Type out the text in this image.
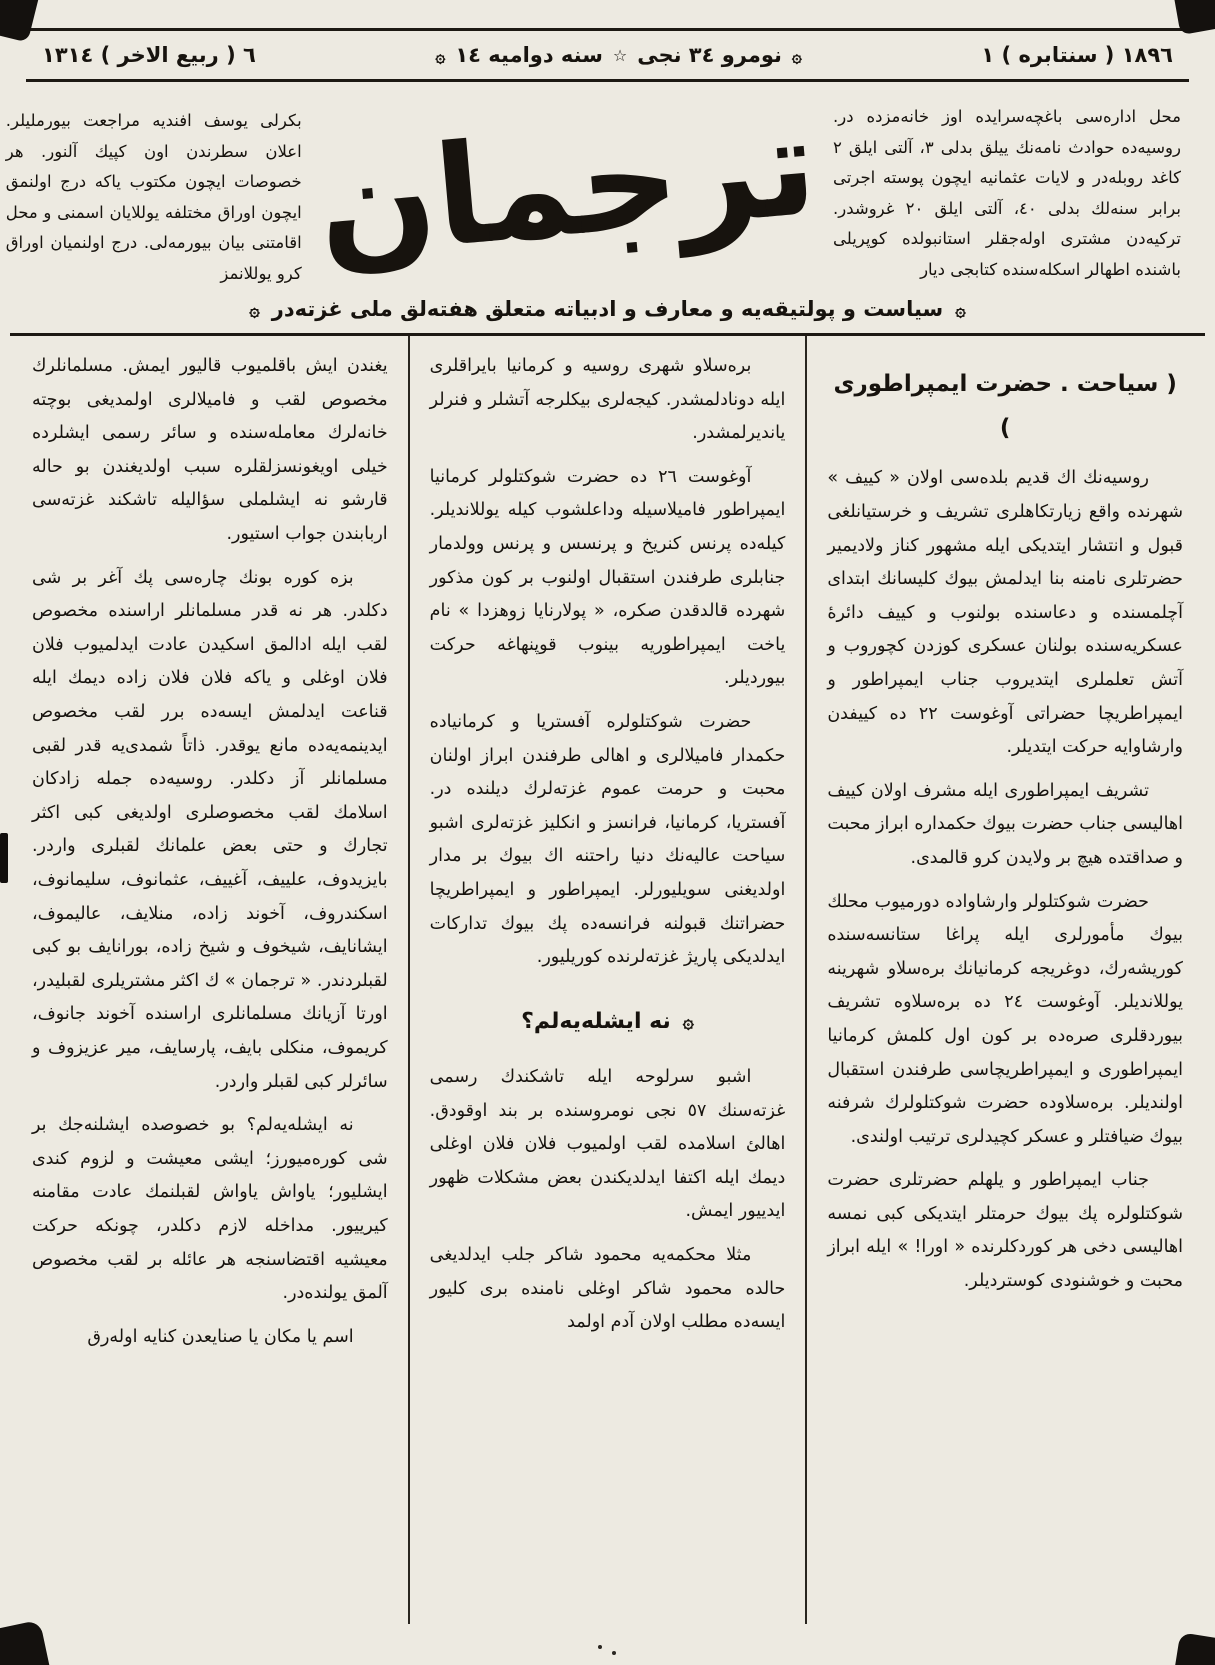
١٨٩٦ ( سنتابره ) ١
۞
نومرو ٣٤ نجى
☆
سنه دوامیه ١٤
۞
٦ ( ربیع الاخر ) ١٣١٤
محل اداره‌سی باغچه‌سرایده اوز خانه‌مزده در. روسیه‌ده حوادث نامه‌نك ییلق بدلی ٣، آلتی ایلق ٢ کاغد روبله‌در و لایات عثمانیه ایچون پوسته اجرتی برابر سنه‌لك بدلی ٤٠، آلتی ایلق ٢٠ غروشدر. ترکیه‌دن مشتری اوله‌جقلر استانبولده کوپریلی باشنده اطهالر اسکله‌سنده کتابجی دیار
ترجمان
بکرلی یوسف افندیه مراجعت بیورملیلر. اعلان سطرندن اون کپیك آلنور. هر خصوصات ایچون مکتوب یاکه درج اولنمق ایچون اوراق مختلفه یوللایان اسمنی و محل اقامتنی بیان بیورمه‌لی. درج اولنمیان اوراق کرو یوللانمز
۞سیاست و پولتیقه‌یه و معارف و ادبیاته متعلق هفته‌لق ملی غزته‌در۞
( سیاحت . حضرت ایمپراطوری )

روسیه‌نك اك قدیم بلده‌سی اولان « کییف » شهرنده واقع زیارتکاهلری تشریف و خرستیانلغی قبول و انتشار ایتدیکی ایله مشهور کناز ولادیمیر حضرتلری نامنه بنا ایدلمش بیوك کلیسانك ابتدای آچلمسنده و دعاسنده بولنوب و کییف دائرهٔ عسکریه‌سنده بولنان عسکری کوزدن کچوروب و آتش تعلملری ایتدیروب جناب ایمپراطور و ایمپراطریچا حضراتی آوغوست ٢٢ ده کییفدن وارشاوایه حرکت ایتدیلر.

تشریف ایمپراطوری ایله مشرف اولان کییف اهالیسی جناب حضرت بیوك حکمداره ابراز محبت و صداقتده هیچ بر ولایدن کرو قالمدی.

حضرت شوکتلولر وارشاواده دورمیوب محلك بیوك مأمورلری ایله پراغا ستانسه‌سنده کوریشه‌رك، دوغریجه کرمانیانك بره‌سلاو شهرینه یوللاندیلر. آوغوست ٢٤ ده بره‌سلاوه تشریف بیوردقلری صره‌ده بر کون اول کلمش کرمانیا ایمپراطوری و ایمپراطریچاسی طرفندن استقبال اولندیلر. بره‌سلاوده حضرت شوکتلولرك شرفنه بیوك ضیافتلر و عسکر کچیدلری ترتیب اولندی.

جناب ایمپراطور و یلهلم حضرتلری حضرت شوکتلولره پك بیوك حرمتلر ایتدیکی کبی نمسه اهالیسی دخی هر کوردکلرنده « اورا! » ایله ابراز محبت و خوشنودی کوستردیلر.

بره‌سلاو شهری روسیه و کرمانیا بایراقلری ایله دونادلمشدر. کیجه‌لری بیکلرجه آتشلر و فنرلر یاندیرلمشدر.

آوغوست ٢٦ ده حضرت شوکتلولر کرمانیا ایمپراطور فامیلاسیله وداعلشوب کیله یوللاندیلر. کیله‌ده پرنس کنریخ و پرنسس و پرنس وولدمار جنابلری طرفندن استقبال اولنوب بر کون مذکور شهرده قالدقدن صکره، « پولارنایا زوهزدا » نام یاخت ایمپراطوریه بینوب قوپنهاغه حرکت بیوردیلر.

حضرت شوکتلولره آفستریا و کرمانیاده حکمدار فامیلالری و اهالی طرفندن ابراز اولنان محبت و حرمت عموم غزته‌لرك دیلنده در. آفستریا، کرمانیا، فرانسز و انکلیز غزته‌لری اشبو سیاحت عالیه‌نك دنیا راحتنه اك بیوك بر مدار اولدیغنی سویلیورلر. ایمپراطور و ایمپراطریچا حضراتنك قبولنه فرانسه‌ده پك بیوك تدارکات ایدلدیکی پاریژ غزته‌لرنده کوریلیور.

۞نه ایشله‌یه‌لم؟

اشبو سرلوحه ایله تاشکندك رسمی غزته‌سنك ٥٧ نجی نومروسنده بر بند اوقودق. اهالئ اسلامده لقب اولمیوب فلان فلان اوغلی دیمك ایله اکتفا ایدلدیکندن بعض مشکلات ظهور ایدییور ایمش.

مثلا محکمه‌یه محمود شاکر جلب ایدلدیغی حالده محمود شاکر اوغلی نامنده بری کلیور ایسه‌ده مطلب اولان آدم اولمد

یغندن ایش باقلمیوب قالیور ایمش. مسلمانلرك مخصوص لقب و فامیلالری اولمدیغی بوچته خانه‌لرك معاملەسنده و سائر رسمی ایشلرده خیلی اویغونسزلقلره سبب اولدیغندن بو حاله قارشو نه ایشلملی سؤالیله تاشکند غزته‌سی اربابندن جواب استیور.

بزه کوره بونك چاره‌سی پك آغر بر شی دکلدر. هر نه قدر مسلمانلر اراسنده مخصوص لقب ایله ادالمق اسکیدن عادت ایدلمیوب فلان فلان اوغلی و یاكه فلان فلان زاده دیمك ایله قناعت ایدلمش ایسه‌ده برر لقب مخصوص ایدینمه‌یه‌ده مانع یوقدر. ذاتاً شمدی‌یه قدر لقبی مسلمانلر آز دکلدر. روسیه‌ده جمله زادکان اسلامك لقب مخصوصلری اولدیغی کبی اکثر تجارك و حتی بعض علمانك لقبلری واردر. بایزیدوف، علییف، آغییف، عثمانوف، سلیمانوف، اسکندروف، آخوند زاده، منلایف، عالیموف، ایشانایف، شیخوف و شیخ زاده، بورانایف بو کبی لقبلردندر. « ترجمان » ك اکثر مشتریلری لقبلیدر، اورتا آزیانك مسلمانلری اراسنده آخوند جانوف، کریموف، منکلی بایف، پارسایف، میر عزیزوف و سائرلر کبی لقبلر واردر.

نه ایشله‌یه‌لم؟ بو خصوصده ایشلنه‌جك بر شی کوره‌میورز؛ ایشی معیشت و لزوم کندی ایشلیور؛ یاواش یاواش لقبلنمك عادت مقامنه کیرییور. مداخله لازم دکلدر، چونکه حرکت معیشیه اقتضاسنجه هر عائله بر لقب مخصوص آلمق یولنده‌در.

اسم یا مکان یا صنایعدن کنایه اوله‌رق
